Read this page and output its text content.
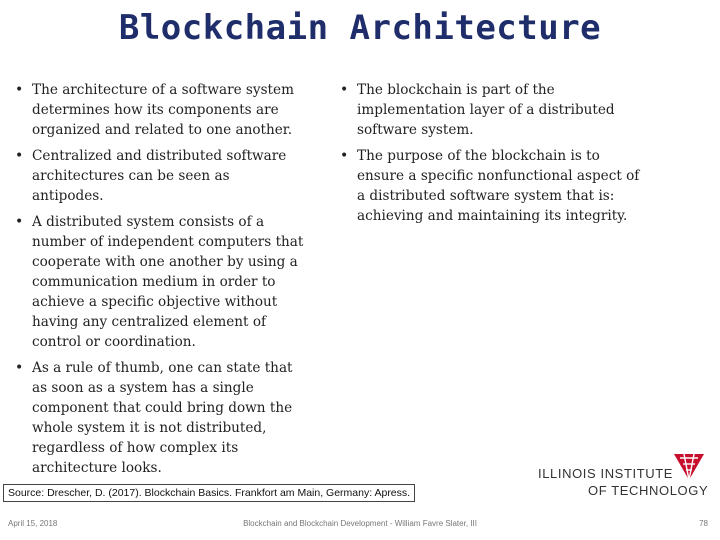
Blockchain Architecture
• The architecture of a software system determines how its components are organized and related to one another.
• Centralized and distributed software architectures can be seen as antipodes.
• A distributed system consists of a number of independent computers that cooperate with one another by using a communication medium in order to achieve a specific objective without having any centralized element of control or coordination.
• As a rule of thumb, one can state that as soon as a system has a single component that could bring down the whole system it is not distributed, regardless of how complex its architecture looks.
• The blockchain is part of the implementation layer of a distributed software system.
• The purpose of the blockchain is to ensure a specific nonfunctional aspect of a distributed software system that is: achieving and maintaining its integrity.
Source: Drescher, D. (2017). Blockchain Basics. Frankfort am Main, Germany: Apress.
ILLINOIS INSTITUTE
OF TECHNOLOGY
April 15, 2018	Blockchain and Blockchain Development - William Favre Slater, III	78
